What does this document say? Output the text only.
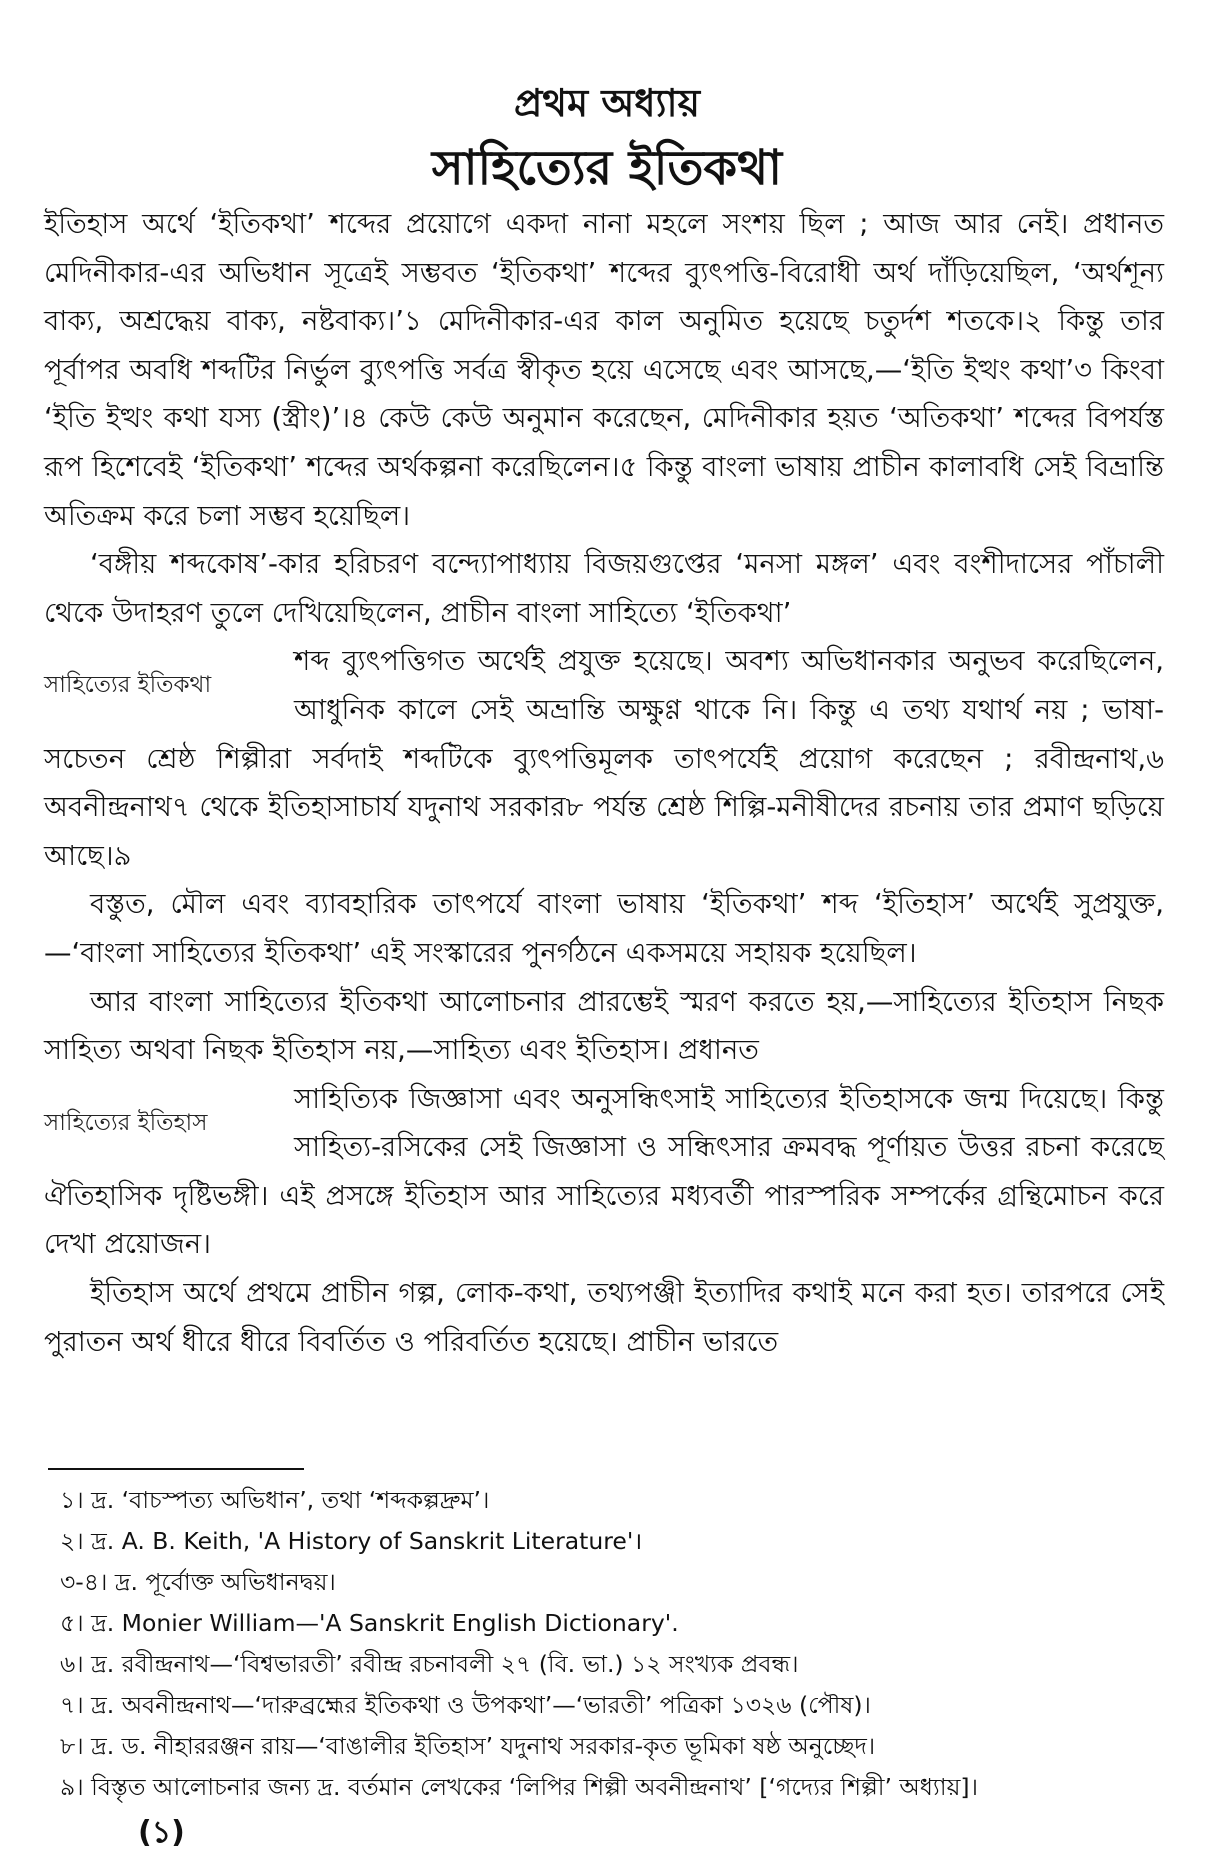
প্রথম অধ্যায়
সাহিত্যের ইতিকথা

ইতিহাস অর্থে ‘ইতিকথা’ শব্দের প্রয়োগে একদা নানা মহলে সংশয় ছিল ; আজ আর নেই। প্রধানত মেদিনীকার-এর অভিধান সূত্রেই সম্ভবত ‘ইতিকথা’ শব্দের ব্যুৎপত্তি-বিরোধী অর্থ দাঁড়িয়েছিল, ‘অর্থশূন্য বাক্য, অশ্রদ্ধেয় বাক্য, নষ্টবাক্য।’১ মেদিনীকার-এর কাল অনুমিত হয়েছে চতুর্দশ শতকে।২ কিন্তু তার পূর্বাপর অবধি শব্দটির নির্ভুল ব্যুৎপত্তি সর্বত্র স্বীকৃত হয়ে এসেছে এবং আসছে,—‘ইতি ইত্থং কথা’৩ কিংবা ‘ইতি ইত্থং কথা যস্য (স্ত্রীং)’।৪ কেউ কেউ অনুমান করেছেন, মেদিনীকার হয়ত ‘অতিকথা’ শব্দের বিপর্যস্ত রূপ হিশেবেই ‘ইতিকথা’ শব্দের অর্থকল্পনা করেছিলেন।৫ কিন্তু বাংলা ভাষায় প্রাচীন কালাবধি সেই বিভ্রান্তি অতিক্রম করে চলা সম্ভব হয়েছিল।

‘বঙ্গীয় শব্দকোষ’-কার হরিচরণ বন্দ্যোপাধ্যায় বিজয়গুপ্তের ‘মনসা মঙ্গল’ এবং বংশীদাসের পাঁচালী থেকে উদাহরণ তুলে দেখিয়েছিলেন, প্রাচীন বাংলা সাহিত্যে ‘ইতিকথা’

সাহিত্যের ইতিকথা

শব্দ ব্যুৎপত্তিগত অর্থেই প্রযুক্ত হয়েছে। অবশ্য অভিধানকার অনুভব করেছিলেন, আধুনিক কালে সেই অভ্রান্তি অক্ষুণ্ণ থাকে নি। কিন্তু এ তথ্য যথার্থ নয় ; ভাষা-সচেতন শ্রেষ্ঠ শিল্পীরা সর্বদাই শব্দটিকে ব্যুৎপত্তিমূলক তাৎপর্যেই প্রয়োগ করেছেন ; রবীন্দ্রনাথ,৬ অবনীন্দ্রনাথ৭ থেকে ইতিহাসাচার্য যদুনাথ সরকার৮ পর্যন্ত শ্রেষ্ঠ শিল্পি-মনীষীদের রচনায় তার প্রমাণ ছড়িয়ে আছে।৯

বস্তুত, মৌল এবং ব্যাবহারিক তাৎপর্যে বাংলা ভাষায় ‘ইতিকথা’ শব্দ ‘ইতিহাস’ অর্থেই সুপ্রযুক্ত,—‘বাংলা সাহিত্যের ইতিকথা’ এই সংস্কারের পুনর্গঠনে একসময়ে সহায়ক হয়েছিল।

আর বাংলা সাহিত্যের ইতিকথা আলোচনার প্রারম্ভেই স্মরণ করতে হয়,—সাহিত্যের ইতিহাস নিছক সাহিত্য অথবা নিছক ইতিহাস নয়,—সাহিত্য এবং ইতিহাস। প্রধানত

সাহিত্যের ইতিহাস

সাহিত্যিক জিজ্ঞাসা এবং অনুসন্ধিৎসাই সাহিত্যের ইতিহাসকে জন্ম দিয়েছে। কিন্তু সাহিত্য-রসিকের সেই জিজ্ঞাসা ও সন্ধিৎসার ক্রমবদ্ধ পূর্ণায়ত উত্তর রচনা করেছে ঐতিহাসিক দৃষ্টিভঙ্গী। এই প্রসঙ্গে ইতিহাস আর সাহিত্যের মধ্যবর্তী পারস্পরিক সম্পর্কের গ্রন্থিমোচন করে দেখা প্রয়োজন।

ইতিহাস অর্থে প্রথমে প্রাচীন গল্প, লোক-কথা, তথ্যপঞ্জী ইত্যাদির কথাই মনে করা হত। তারপরে সেই পুরাতন অর্থ ধীরে ধীরে বিবর্তিত ও পরিবর্তিত হয়েছে। প্রাচীন ভারতে

১। দ্র. ‘বাচস্পত্য অভিধান’, তথা ‘শব্দকল্পদ্রুম’।
২। দ্র. A. B. Keith, 'A History of Sanskrit Literature'।
৩-৪। দ্র. পূর্বোক্ত অভিধানদ্বয়।
৫। দ্র. Monier William—'A Sanskrit English Dictionary'.
৬। দ্র. রবীন্দ্রনাথ—‘বিশ্বভারতী’ রবীন্দ্র রচনাবলী ২৭ (বি. ভা.) ১২ সংখ্যক প্রবন্ধ।
৭। দ্র. অবনীন্দ্রনাথ—‘দারুব্রহ্মের ইতিকথা ও উপকথা’—‘ভারতী’ পত্রিকা ১৩২৬ (পৌষ)।
৮। দ্র. ড. নীহাররঞ্জন রায়—‘বাঙালীর ইতিহাস’ যদুনাথ সরকার-কৃত ভূমিকা ষষ্ঠ অনুচ্ছেদ।
৯। বিস্তৃত আলোচনার জন্য দ্র. বর্তমান লেখকের ‘লিপির শিল্পী অবনীন্দ্রনাথ’ [‘গদ্যের শিল্পী’ অধ্যায়]।
(১)
